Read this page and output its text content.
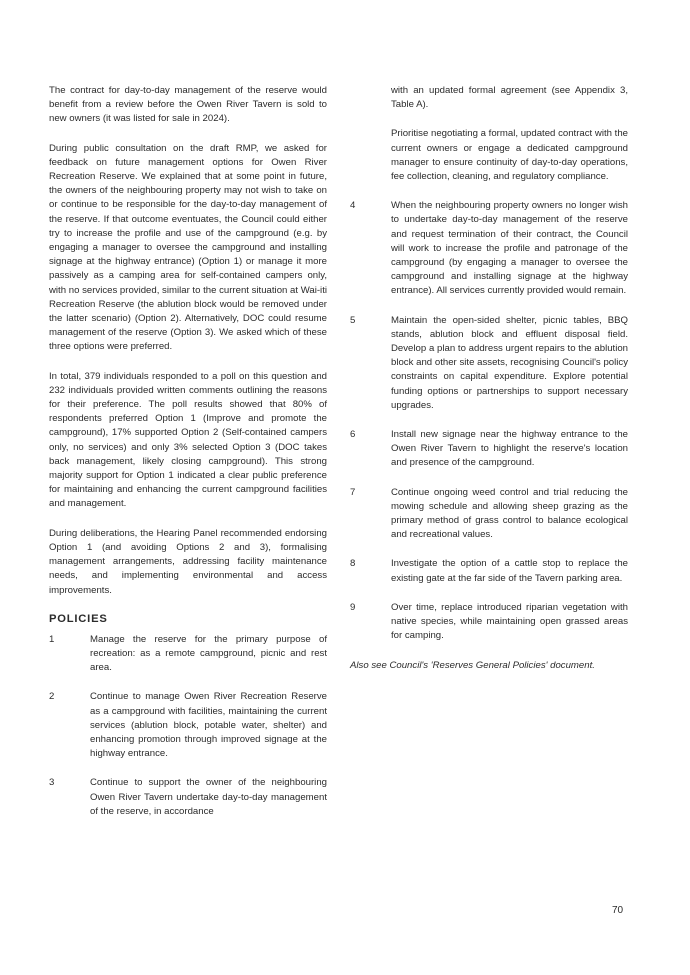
The contract for day-to-day management of the reserve would benefit from a review before the Owen River Tavern is sold to new owners (it was listed for sale in 2024).

During public consultation on the draft RMP, we asked for feedback on future management options for Owen River Recreation Reserve. We explained that at some point in future, the owners of the neighbouring property may not wish to take on or continue to be responsible for the day-to-day management of the reserve. If that outcome eventuates, the Council could either try to increase the profile and use of the campground (e.g. by engaging a manager to oversee the campground and installing signage at the highway entrance) (Option 1) or manage it more passively as a camping area for self-contained campers only, with no services provided, similar to the current situation at Wai-iti Recreation Reserve (the ablution block would be removed under the latter scenario) (Option 2). Alternatively, DOC could resume management of the reserve (Option 3). We asked which of these three options were preferred.

In total, 379 individuals responded to a poll on this question and 232 individuals provided written comments outlining the reasons for their preference. The poll results showed that 80% of respondents preferred Option 1 (Improve and promote the campground), 17% supported Option 2 (Self-contained campers only, no services) and only 3% selected Option 3 (DOC takes back management, likely closing campground). This strong majority support for Option 1 indicated a clear public preference for maintaining and enhancing the current campground facilities and management.

During deliberations, the Hearing Panel recommended endorsing Option 1 (and avoiding Options 2 and 3), formalising management arrangements, addressing facility maintenance needs, and implementing environmental and access improvements.

POLICIES
1	Manage the reserve for the primary purpose of recreation: as a remote campground, picnic and rest area.
2	Continue to manage Owen River Recreation Reserve as a campground with facilities, maintaining the current services (ablution block, potable water, shelter) and enhancing promotion through improved signage at the highway entrance.
3	Continue to support the owner of the neighbouring Owen River Tavern undertake day-to-day management of the reserve, in accordance
with an updated formal agreement (see Appendix 3, Table A).
Prioritise negotiating a formal, updated contract with the current owners or engage a dedicated campground manager to ensure continuity of day-to-day operations, fee collection, cleaning, and regulatory compliance.
4	When the neighbouring property owners no longer wish to undertake day-to-day management of the reserve and request termination of their contract, the Council will work to increase the profile and patronage of the campground (by engaging a manager to oversee the campground and installing signage at the highway entrance). All services currently provided would remain.
5	Maintain the open-sided shelter, picnic tables, BBQ stands, ablution block and effluent disposal field. Develop a plan to address urgent repairs to the ablution block and other site assets, recognising Council's policy constraints on capital expenditure. Explore potential funding options or partnerships to support necessary upgrades.
6	Install new signage near the highway entrance to the Owen River Tavern to highlight the reserve's location and presence of the campground.
7	Continue ongoing weed control and trial reducing the mowing schedule and allowing sheep grazing as the primary method of grass control to balance ecological and recreational values.
8	Investigate the option of a cattle stop to replace the existing gate at the far side of the Tavern parking area.
9	Over time, replace introduced riparian vegetation with native species, while maintaining open grassed areas for camping.
Also see Council's 'Reserves General Policies' document.
70
